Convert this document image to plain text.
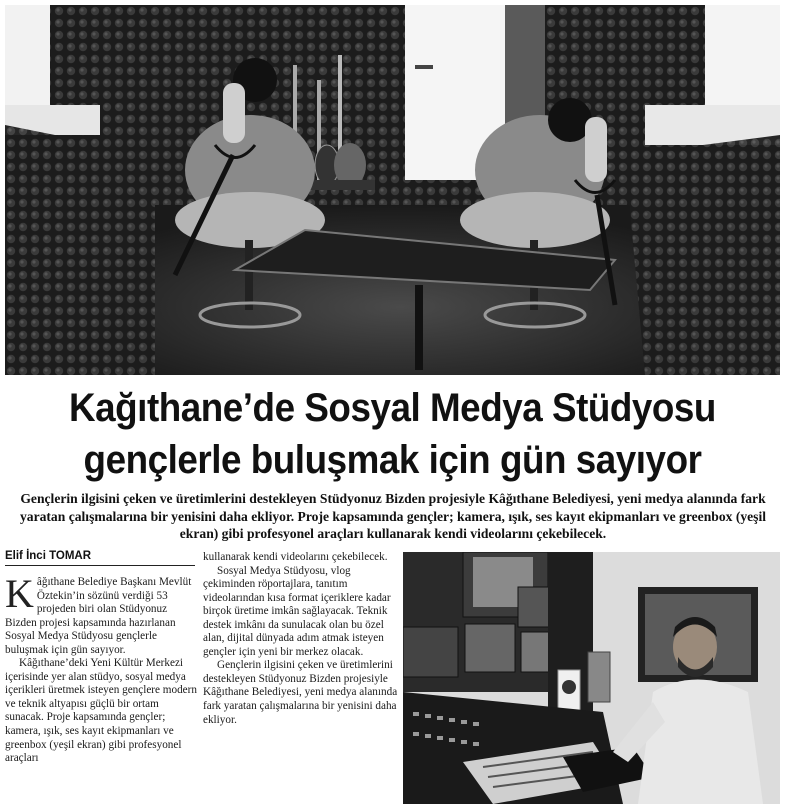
Kağıthane’de Sosyal Medya Stüdyosu
gençlerle buluşmak için gün sayıyor
Gençlerin ilgisini çeken ve üretimlerini destekleyen Stüdyonuz Bizden projesiyle Kâğıthane Belediyesi, yeni medya alanında fark yaratan çalışmalarına bir yenisini daha ekliyor. Proje kapsamında gençler; kamera, ışık, ses kayıt ekipmanları ve greenbox (yeşil ekran) gibi profesyonel araçları kullanarak kendi videolarını çekebilecek.
Elif İnci TOMAR

Kâğıthane Belediye Başkanı Mevlüt Öztekin’in sözünü verdiği 53 projeden biri olan Stüdyonuz Bizden projesi kapsamında hazırlanan Sosyal Medya Stüdyosu gençlerle buluşmak için gün sayıyor.

Kâğıthane’deki Yeni Kültür Merkezi içerisinde yer alan stüdyo, sosyal medya içerikleri üretmek isteyen gençlere modern ve teknik altyapısı güçlü bir ortam sunacak. Proje kapsamında gençler; kamera, ışık, ses kayıt ekipmanları ve greenbox (yeşil ekran) gibi profesyonel araçları

kullanarak kendi videolarını çekebilecek.

Sosyal Medya Stüdyosu, vlog çekiminden röportajlara, tanıtım videolarından kısa format içeriklere kadar birçok üretime imkân sağlayacak. Teknik destek imkânı da sunulacak olan bu özel alan, dijital dünyada adım atmak isteyen gençler için yeni bir merkez olacak.

Gençlerin ilgisini çeken ve üretimlerini destekleyen Stüdyonuz Bizden projesiyle Kâğıthane Belediyesi, yeni medya alanında fark yaratan çalışmalarına bir yenisini daha ekliyor.
